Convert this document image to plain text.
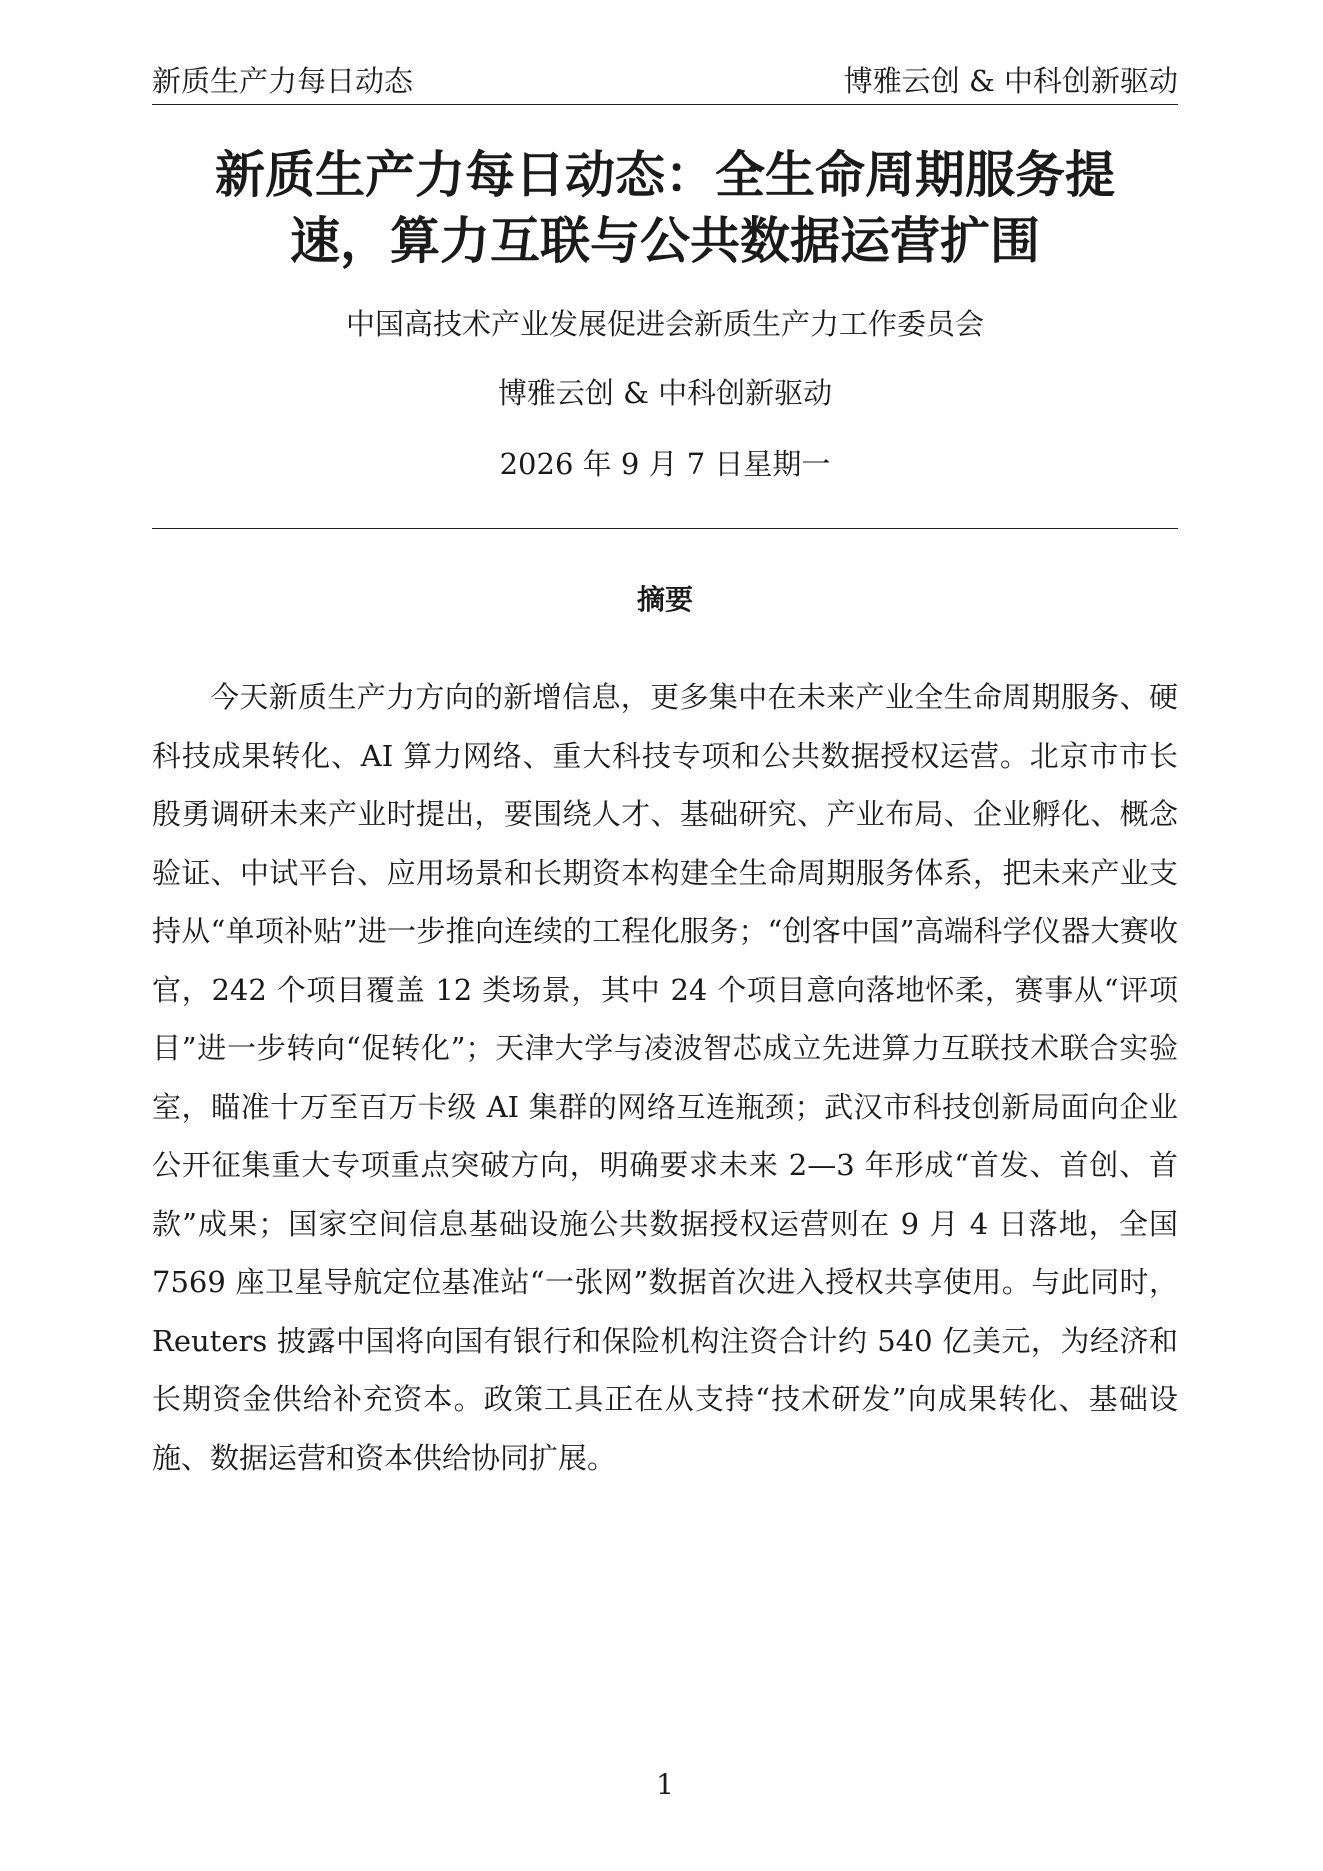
新质生产力每日动态	博雅云创 & 中科创新驱动
新质生产力每日动态：全生命周期服务提
速，算力互联与公共数据运营扩围
中国高技术产业发展促进会新质生产力工作委员会
博雅云创 & 中科创新驱动
2026 年 9 月 7 日星期一
摘要

今天新质生产力方向的新增信息，更多集中在未来产业全生命周期服务、硬科技成果转化、AI 算力网络、重大科技专项和公共数据授权运营。北京市市长殷勇调研未来产业时提出，要围绕人才、基础研究、产业布局、企业孵化、概念验证、中试平台、应用场景和长期资本构建全生命周期服务体系，把未来产业支持从“单项补贴”进一步推向连续的工程化服务；“创客中国”高端科学仪器大赛收官，242 个项目覆盖 12 类场景，其中 24 个项目意向落地怀柔，赛事从“评项目”进一步转向“促转化”；天津大学与凌波智芯成立先进算力互联技术联合实验室，瞄准十万至百万卡级 AI 集群的网络互连瓶颈；武汉市科技创新局面向企业公开征集重大专项重点突破方向，明确要求未来 2—3 年形成“首发、首创、首款”成果；国家空间信息基础设施公共数据授权运营则在 9 月 4 日落地，全国 7569 座卫星导航定位基准站“一张网”数据首次进入授权共享使用。与此同时，Reuters 披露中国将向国有银行和保险机构注资合计约 540 亿美元，为经济和长期资金供给补充资本。政策工具正在从支持“技术研发”向成果转化、基础设施、数据运营和资本供给协同扩展。

1
